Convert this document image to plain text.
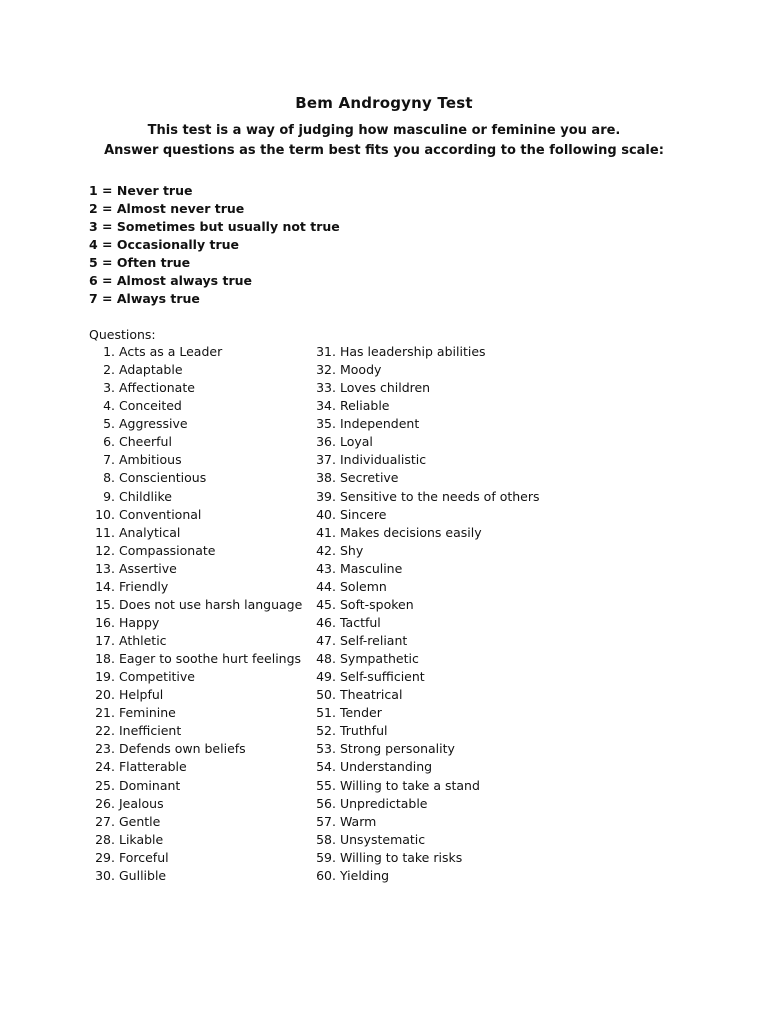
Bem Androgyny Test
This test is a way of judging how masculine or feminine you are.
Answer questions as the term best fits you according to the following scale:
1 = Never true
2 = Almost never true
3 = Sometimes but usually not true
4 = Occasionally true
5 = Often true
6 = Almost always true
7 = Always true
Questions:
1. Acts as a Leader
2. Adaptable
3. Affectionate
4. Conceited
5. Aggressive
6. Cheerful
7. Ambitious
8. Conscientious
9. Childlike
10. Conventional
11. Analytical
12. Compassionate
13. Assertive
14. Friendly
15. Does not use harsh language
16. Happy
17. Athletic
18. Eager to soothe hurt feelings
19. Competitive
20. Helpful
21. Feminine
22. Inefficient
23. Defends own beliefs
24. Flatterable
25. Dominant
26. Jealous
27. Gentle
28. Likable
29. Forceful
30. Gullible
31. Has leadership abilities
32. Moody
33. Loves children
34. Reliable
35. Independent
36. Loyal
37. Individualistic
38. Secretive
39. Sensitive to the needs of others
40. Sincere
41. Makes decisions easily
42. Shy
43. Masculine
44. Solemn
45. Soft-spoken
46. Tactful
47. Self-reliant
48. Sympathetic
49. Self-sufficient
50. Theatrical
51. Tender
52. Truthful
53. Strong personality
54. Understanding
55. Willing to take a stand
56. Unpredictable
57. Warm
58. Unsystematic
59. Willing to take risks
60. Yielding
